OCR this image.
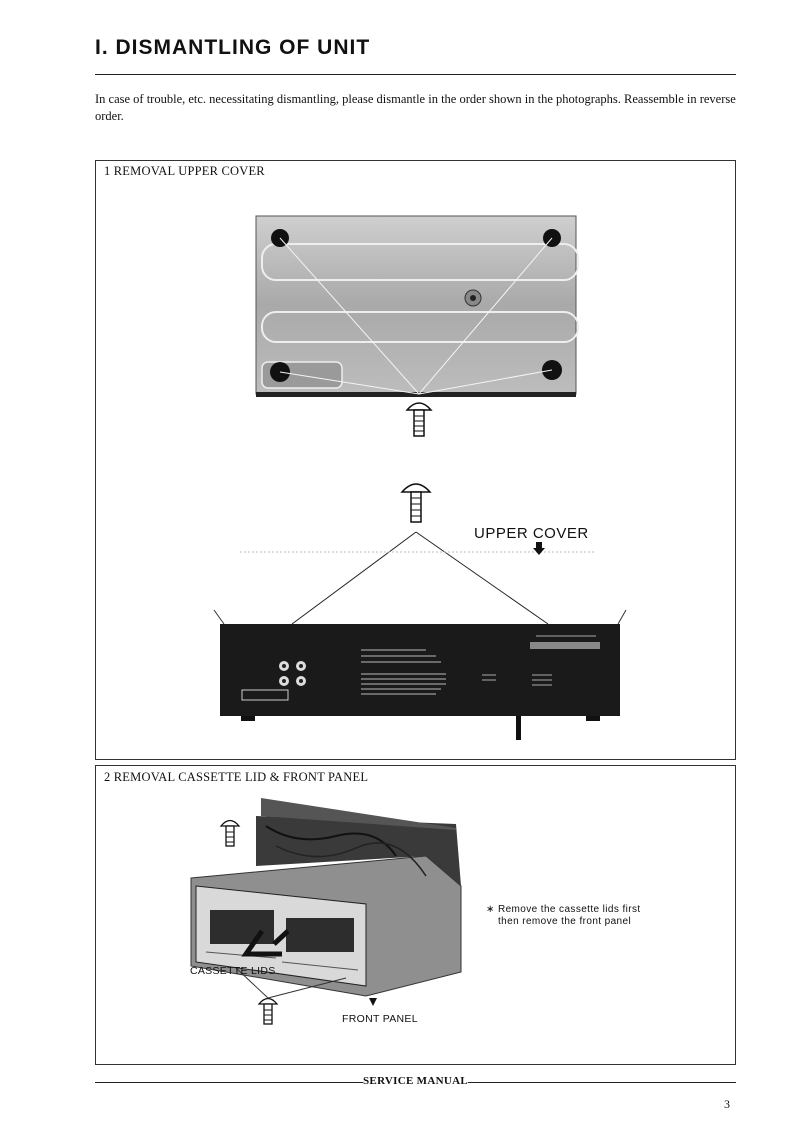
I. DISMANTLING OF UNIT
In case of trouble, etc. necessitating dismantling, please dismantle in the order shown in the photographs. Reassemble in reverse order.
1 REMOVAL UPPER COVER
UPPER COVER
2 REMOVAL CASSETTE LID & FRONT PANEL
CASSETTE LIDS
FRONT PANEL
∗ Remove the cassette lids first
then remove the front panel
SERVICE MANUAL
3
